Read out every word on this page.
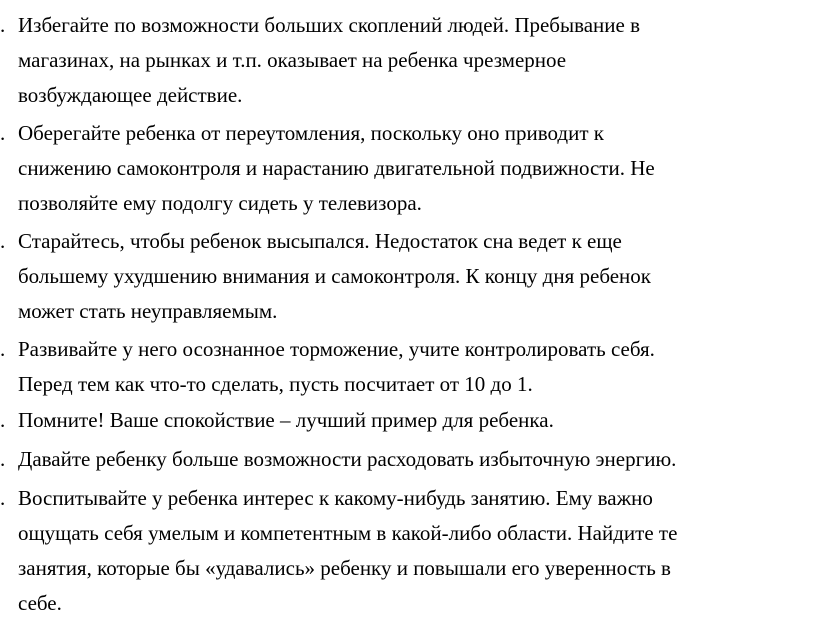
. Избегайте по возможности больших скоплений людей. Пребывание в
магазинах, на рынках и т.п. оказывает на ребенка чрезмерное
возбуждающее действие.
. Оберегайте ребенка от переутомления, поскольку оно приводит к
снижению самоконтроля и нарастанию двигательной подвижности. Не
позволяйте ему подолгу сидеть у телевизора.
. Старайтесь, чтобы ребенок высыпался. Недостаток сна ведет к еще
большему ухудшению внимания и самоконтроля. К концу дня ребенок
может стать неуправляемым.
. Развивайте у него осознанное торможение, учите контролировать себя.
Перед тем как что-то сделать, пусть посчитает от 10 до 1.
. Помните! Ваше спокойствие – лучший пример для ребенка.
. Давайте ребенку больше возможности расходовать избыточную энергию.
. Воспитывайте у ребенка интерес к какому-нибудь занятию. Ему важно
ощущать себя умелым и компетентным в какой-либо области. Найдите те
занятия, которые бы «удавались» ребенку и повышали его уверенность в
себе.
